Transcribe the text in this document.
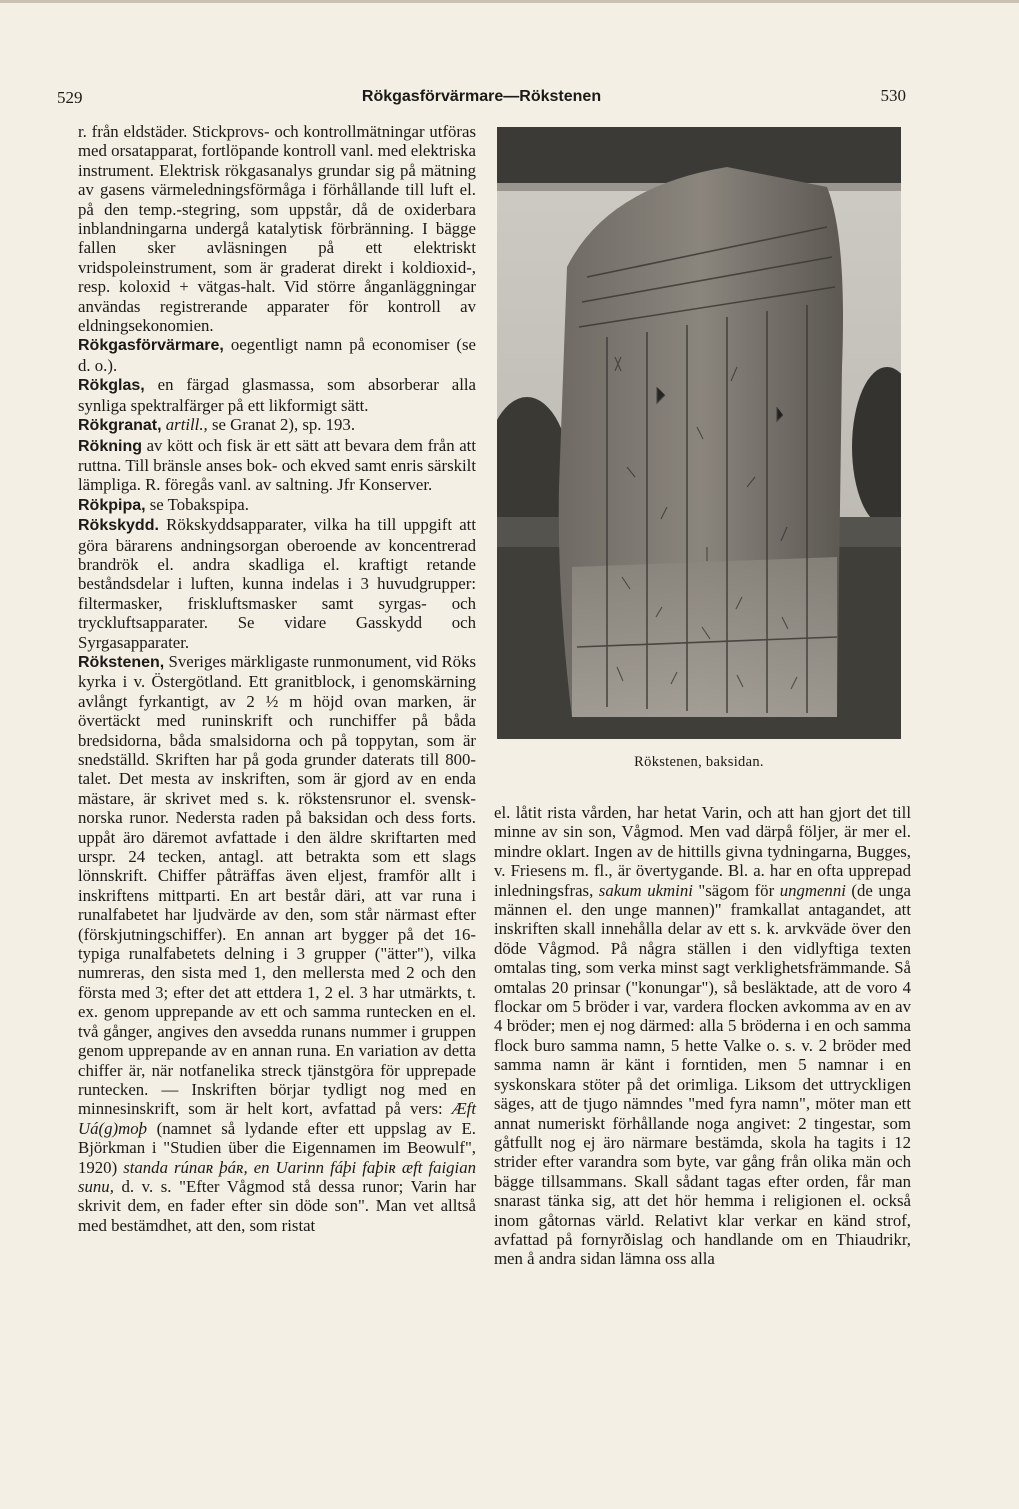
529	Rökgasförvärmare—Rökstenen	530

r. från eldstäder. Stickprovs- och kontrollmätningar utföras med orsatapparat, fortlöpande kontroll vanl. med elektriska instrument. Elektrisk rökgasanalys grundar sig på mätning av gasens värmeledningsförmåga i förhållande till luft el. på den temp.-stegring, som uppstår, då de oxiderbara inblandningarna undergå katalytisk förbränning. I bägge fallen sker avläsningen på ett elektriskt vridspoleinstrument, som är graderat direkt i koldioxid-, resp. koloxid + vätgas-halt. Vid större ånganläggningar användas registrerande apparater för kontroll av eldningsekonomien.

Rökgasförvärmare, oegentligt namn på economiser (se d. o.).

Rökglas, en färgad glasmassa, som absorberar alla synliga spektralfärger på ett likformigt sätt.

Rökgranat, artill., se Granat 2), sp. 193.

Rökning av kött och fisk är ett sätt att bevara dem från att ruttna. Till bränsle anses bok- och ekved samt enris särskilt lämpliga. R. föregås vanl. av saltning. Jfr Konserver.

Rökpipa, se Tobakspipa.

Rökskydd. Rökskyddsapparater, vilka ha till uppgift att göra bärarens andningsorgan oberoende av koncentrerad brandrök el. andra skadliga el. kraftigt retande beståndsdelar i luften, kunna indelas i 3 huvudgrupper: filtermasker, friskluftsmasker samt syrgas- och tryckluftsapparater. Se vidare Gasskydd och Syrgasapparater.

Rökstenen, Sveriges märkligaste runmonument, vid Röks kyrka i v. Östergötland. Ett granitblock, i genomskärning avlångt fyrkantigt, av 2 ½ m höjd ovan marken, är övertäckt med runinskrift och runchiffer på båda bredsidorna, båda smalsidorna och på toppytan, som är snedställd. Skriften har på goda grunder daterats till 800-talet. Det mesta av inskriften, som är gjord av en enda mästare, är skrivet med s. k. rökstensrunor el. svensk-norska runor. Nedersta raden på baksidan och dess forts. uppåt äro däremot avfattade i den äldre skriftarten med urspr. 24 tecken, antagl. att betrakta som ett slags lönnskrift. Chiffer påträffas även eljest, framför allt i inskriftens mittparti. En art består däri, att var runa i runalfabetet har ljudvärde av den, som står närmast efter (förskjutningschiffer). En annan art bygger på det 16-typiga runalfabetets delning i 3 grupper ("ätter"), vilka numreras, den sista med 1, den mellersta med 2 och den första med 3; efter det att ettdera 1, 2 el. 3 har utmärkts, t. ex. genom upprepande av ett och samma runtecken en el. två gånger, angives den avsedda runans nummer i gruppen genom upprepande av en annan runa. En variation av detta chiffer är, när notfanelika streck tjänstgöra för upprepade runtecken. — Inskriften börjar tydligt nog med en minnesinskrift, som är helt kort, avfattad på vers: Æft Uá(g)moþ (namnet så lydande efter ett uppslag av E. Björkman i "Studien über die Eigennamen im Beowulf", 1920) standa rúnaʀ þáʀ, en Uarinn fáþi faþiʀ æft faigian sunu, d. v. s. "Efter Vågmod stå dessa runor; Varin har skrivit dem, en fader efter sin döde son". Man vet alltså med bestämdhet, att den, som ristat

Rökstenen, baksidan.

el. låtit rista vården, har hetat Varin, och att han gjort det till minne av sin son, Vågmod. Men vad därpå följer, är mer el. mindre oklart. Ingen av de hittills givna tydningarna, Bugges, v. Friesens m. fl., är övertygande. Bl. a. har en ofta upprepad inledningsfras, sakum ukmini "sägom för ungmenni (de unga männen el. den unge mannen)" framkallat antagandet, att inskriften skall innehålla delar av ett s. k. arvkväde över den döde Vågmod. På några ställen i den vidlyftiga texten omtalas ting, som verka minst sagt verklighetsfrämmande. Så omtalas 20 prinsar ("konungar"), så besläktade, att de voro 4 flockar om 5 bröder i var, vardera flocken avkomma av en av 4 bröder; men ej nog därmed: alla 5 bröderna i en och samma flock buro samma namn, 5 hette Valke o. s. v. 2 bröder med samma namn är känt i forntiden, men 5 namnar i en syskonskara stöter på det orimliga. Liksom det uttryckligen säges, att de tjugo nämndes "med fyra namn", möter man ett annat numeriskt förhållande noga angivet: 2 tingestar, som gåtfullt nog ej äro närmare bestämda, skola ha tagits i 12 strider efter varandra som byte, var gång från olika män och bägge tillsammans. Skall sådant tagas efter orden, får man snarast tänka sig, att det hör hemma i religionen el. också inom gåtornas värld. Relativt klar verkar en känd strof, avfattad på fornyrðislag och handlande om en Thiaudrikr, men å andra sidan lämna oss alla
